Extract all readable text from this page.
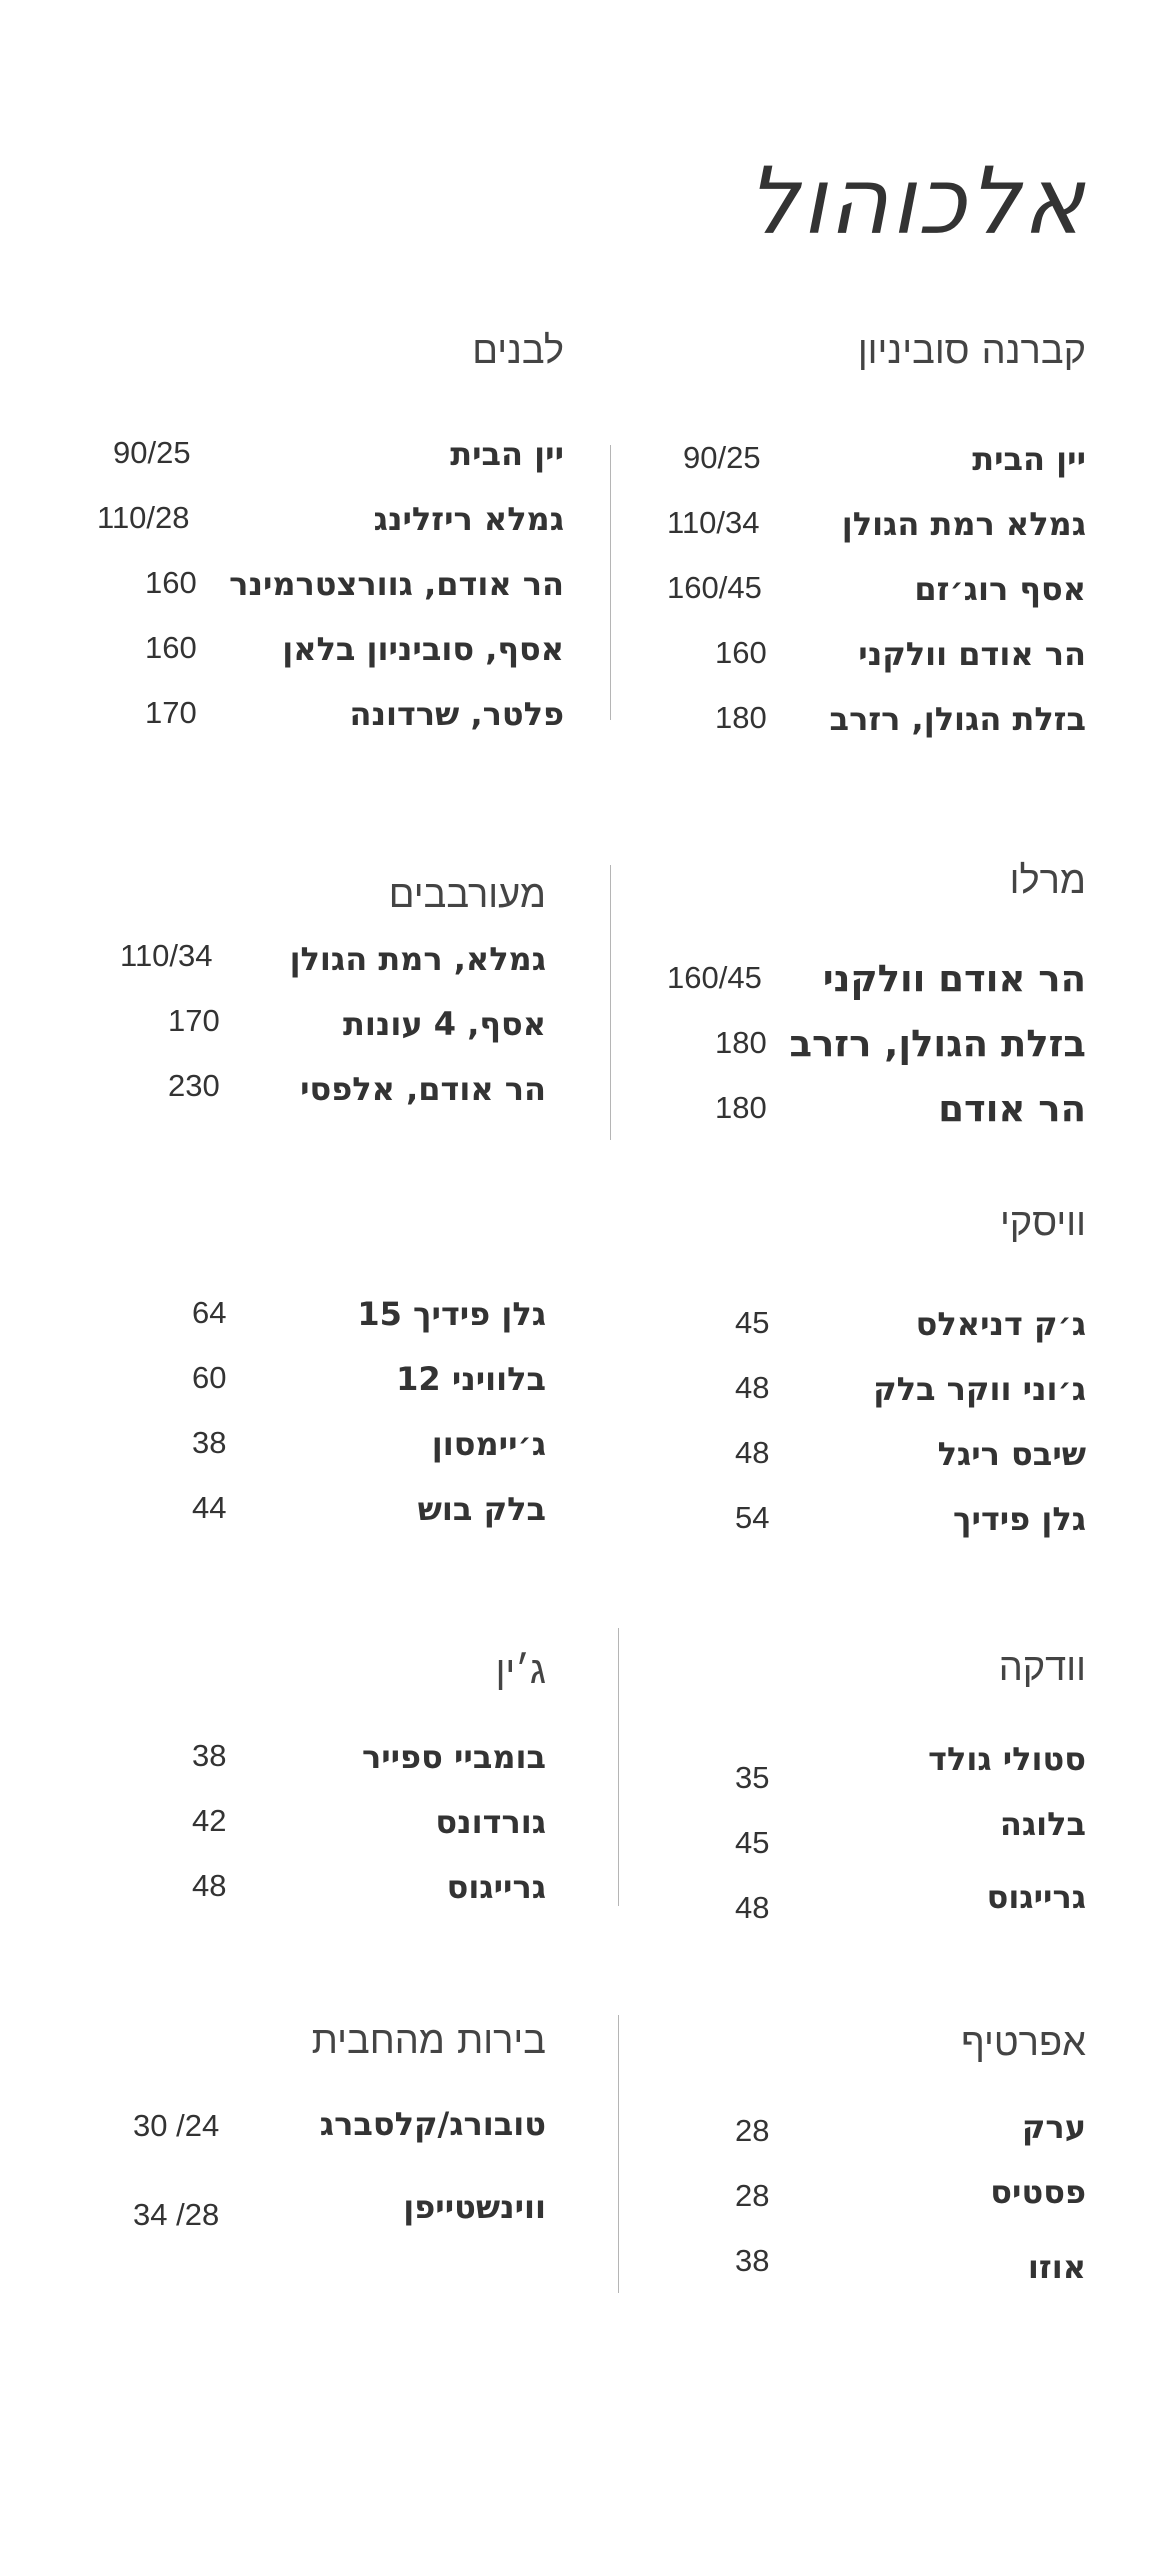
אלכוהול
קברנה סוביניון
לבנים
יין הבית
90/25
גמלא רמת הגולן
110/34
אסף רוג׳זם
160/45
הר אודם וולקני
160
בזלת הגולן, רזרב
180
יין הבית
90/25
גמלא ריזלינג
110/28
הר אודם, גוורצטרמינר
160
אסף, סוביניון בלאן
160
פלטר, שרדונה
170
מרלו
מעורבבים
הר אודם וולקני
160/45
בזלת הגולן, רזרב
180
הר אודם
180
גמלא, רמת הגולן
110/34
אסף, 4 עונות
170
הר אודם, אלפסי
230
וויסקי
ג׳ק דניאלס
45
ג׳וני ווקר בלק
48
שיבס ריגל
48
גלן פידיך
54
גלן פידיך 15
64
בלוויני 12
60
ג׳יימסון
38
בלק בוש
44
וודקה
ג׳ין
סטולי גולד
35
בלוגה
45
גרייגוס
48
בומביי ספייר
38
גורדונס
42
גרייגוס
48
אפרטיף
בירות מהחבית
ערק
28
פסטיס
28
אוזו
38
טובורג/קלסברג
30 /24
ווינשטייפן
34 /28
